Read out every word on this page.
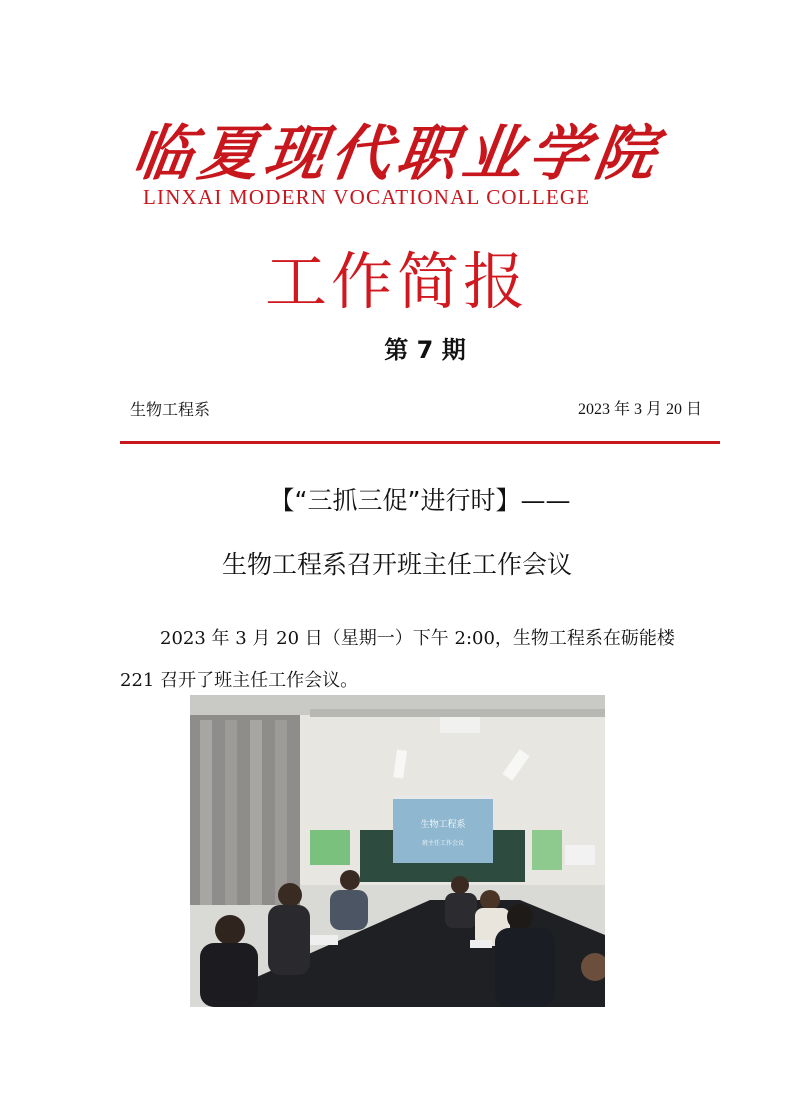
临夏现代职业学院
LINXAI MODERN VOCATIONAL COLLEGE
工作简报
第 7 期
生物工程系	2023 年 3 月 20 日
【“三抓三促”进行时】——
生物工程系召开班主任工作会议
2023 年 3 月 20 日（星期一）下午 2:00，生物工程系在砺能楼 221 召开了班主任工作会议。
生物工程系
班主任工作会议
